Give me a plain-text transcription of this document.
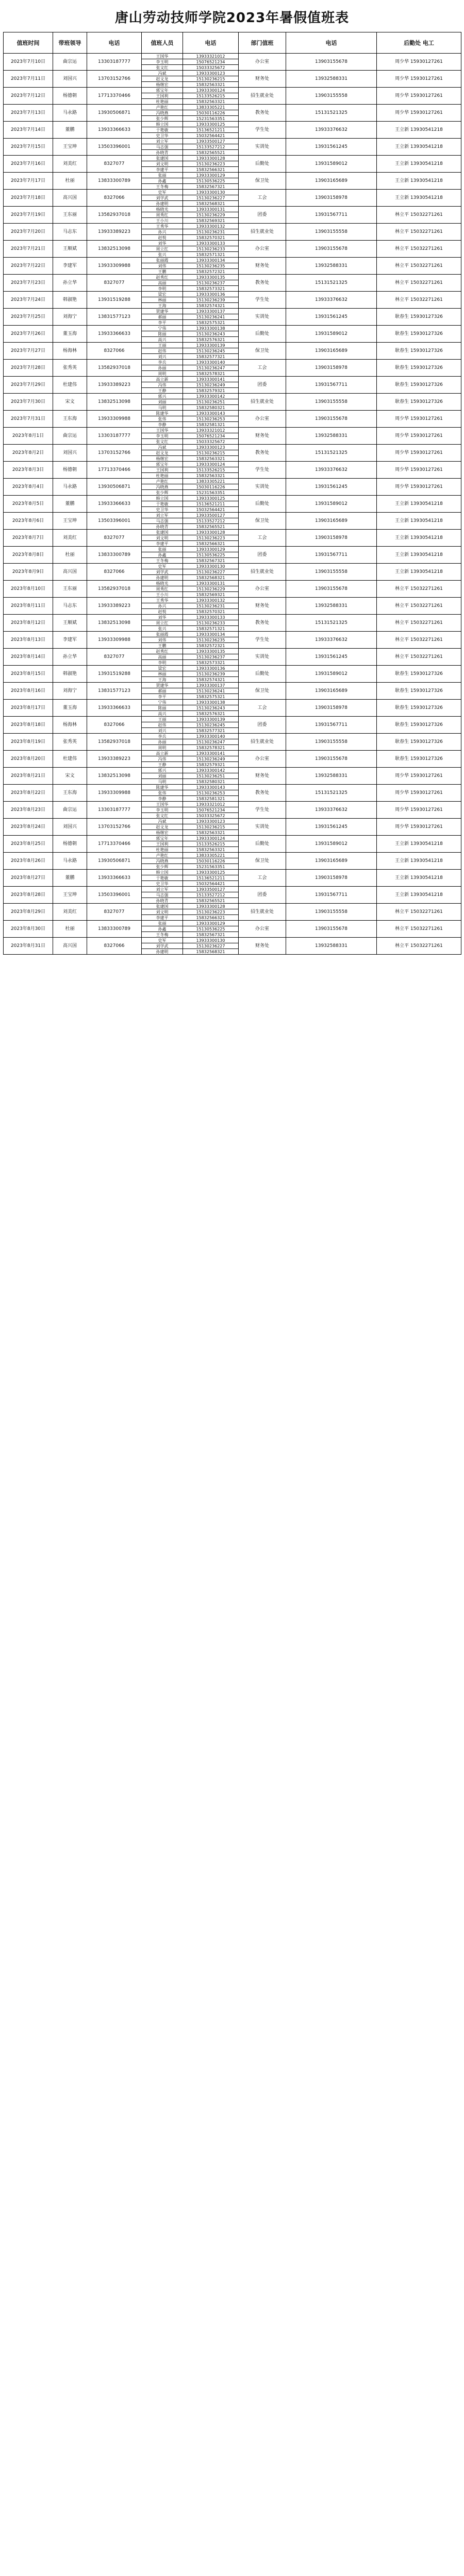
唐山劳动技师学院2023年暑假值班表
值班时间	带班领导	电话	值班人员	电话	部门值班	电话	后勤处 电工
2023年7月10日	曲宗运	13303187777	王国华	13933321012	办公室	13903155678	周少华 15930127261
			李玉明	15076521234			
			张文红	15033325672			
2023年7月11日	刘国兴	13703152766	冯斌	13933300123	财务处	13932588331	周少华 15930127261
			赵文龙	15130236215			
			杨继宏	15832563321			
2023年7月12日	杨德朝	17713370466	郭宝年	13933300124	招生就业处	13903155558	周少华 15930127261
			王国利	15133526215			
			杜艳丽	15832563321			
2023年7月13日	马永路	13930506871	卢艳红	13833305221	教务处	15131521325	周少华 15930127261
			冯晓燕	15030116226			
			张少辉	15231563351			
2023年7月14日	董鹏	13933366633	韩立国	13933300125	学生处	13933376632	王立新 13930541218
			于艳敏	15136521211			
			史卫华	15032564421			
2023年7月15日	王宝坤	13503396001	刘立军	13933500127	实训处	13931561245	王立新 13930541218
			马志强	15133527212			
			孙晓青	15832565521			
2023年7月16日	刘美红	8327077	张建国	13933300128	后勤处	13931589012	王立新 13930541218
			刘文明	15130236223			
			李建平	15832566321			
2023年7月17日	杜丽	13833300789	张丽	13933300129	保卫处	13903165689	王立新 13930541218
			孙鑫	15130536225			
			王冬梅	15832567321			
2023年7月18日	高兴国	8327066	史军	13933300130	工会	13903158978	王立新 13930541218
			刘学武	15130236227			
			孙建明	15832568321			
2023年7月19日	王东丽	13582937018	杨晓光	13933300131	团委	13931567711	林立平 15032271261
			周秀红	15130236229			
			王小川	15832569321			
2023年7月20日	马志东	13933389223	王秀华	13933300132	招生就业处	13903155558	林立平 15032271261
			孙兴	15130236231			
			赵悦	15832570321			
2023年7月21日	王顺斌	13832513098	刘华	13933300133	办公室	13903155678	林立平 15032271261
			周立红	15130236233			
			张兴	15832571321			
2023年7月22日	李建军	13933309988	张丽霞	13933300134	财务处	13932588331	林立平 15032271261
			刘伟	15130236235			
			王鹏	15832572321			
2023年7月23日	孙立华	8327077	赵秀红	13933300135	教务处	15131521325	林立平 15032271261
			高丽	15130236237			
			李明	15832573321			
2023年7月24日	韩淑艳	13931519288	梁宏	13933300136	学生处	13933376632	林立平 15032271261
			林丽	15130236239			
			王海	15832574321			
2023年7月25日	刘海宁	13831577123	贺建华	13933300137	实训处	13931561245	耿春生 15930127326
			郝丽	15130236241			
			李平	15832575321			
2023年7月26日	董玉海	13933366633	宁伟	13933300138	后勤处	13931589012	耿春生 15930127326
			陈丽	15130236243			
			高兴	15832576321			
2023年7月27日	杨海林	8327066	王丽	13933300139	保卫处	13903165689	耿春生 15930127326
			赵伟	15130236245			
			刘兴	15832577321			
2023年7月28日	张秀英	13582937018	李兵	13933300140	工会	13903158978	耿春生 15930127326
			孙丽	15130236247			
			周明	15832578321			
2023年7月29日	杜建伟	13933389223	高立新	13933300141	团委	13931567711	耿春生 15930127326
			冯伟	15130236249			
			王静	15832579321			
2023年7月30日	宋文	13832513098	郭兴	13933300142	招生就业处	13903155558	耿春生 15930127326
			刘丽	15130236251			
			马明	15832580321			
2023年7月31日	王东海	13933309988	陈建华	13933300143	办公室	13903155678	周少华 15930127261
			张伟	15130236253			
			李静	15832581321			
2023年8月1日	曲宗运	13303187777	王国华	13933321012	财务处	13932588331	周少华 15930127261
			李玉明	15076521234			
			张文红	15033325672			
2023年8月2日	刘国兴	13703152766	冯斌	13933300123	教务处	15131521325	周少华 15930127261
			赵文龙	15130236215			
			杨继宏	15832563321			
2023年8月3日	杨德朝	17713370466	郭宝年	13933300124	学生处	13933376632	周少华 15930127261
			王国利	15133526215			
			杜艳丽	15832563321			
2023年8月4日	马永路	13930506871	卢艳红	13833305221	实训处	13931561245	周少华 15930127261
			冯晓燕	15030116226			
			张少辉	15231563351			
2023年8月5日	董鹏	13933366633	韩立国	13933300125	后勤处	13931589012	王立新 13930541218
			于艳敏	15136521211			
			史卫华	15032564421			
2023年8月6日	王宝坤	13503396001	刘立军	13933500127	保卫处	13903165689	王立新 13930541218
			马志强	15133527212			
			孙晓青	15832565521			
2023年8月7日	刘美红	8327077	张建国	13933300128	工会	13903158978	王立新 13930541218
			刘文明	15130236223			
			李建平	15832566321			
2023年8月8日	杜丽	13833300789	张丽	13933300129	团委	13931567711	王立新 13930541218
			孙鑫	15130536225			
			王冬梅	15832567321			
2023年8月9日	高兴国	8327066	史军	13933300130	招生就业处	13903155558	王立新 13930541218
			刘学武	15130236227			
			孙建明	15832568321			
2023年8月10日	王东丽	13582937018	杨晓光	13933300131	办公室	13903155678	林立平 15032271261
			周秀红	15130236229			
			王小川	15832569321			
2023年8月11日	马志东	13933389223	王秀华	13933300132	财务处	13932588331	林立平 15032271261
			孙兴	15130236231			
			赵悦	15832570321			
2023年8月12日	王顺斌	13832513098	刘华	13933300133	教务处	15131521325	林立平 15032271261
			周立红	15130236233			
			张兴	15832571321			
2023年8月13日	李建军	13933309988	张丽霞	13933300134	学生处	13933376632	林立平 15032271261
			刘伟	15130236235			
			王鹏	15832572321			
2023年8月14日	孙立华	8327077	赵秀红	13933300135	实训处	13931561245	林立平 15032271261
			高丽	15130236237			
			李明	15832573321			
2023年8月15日	韩淑艳	13931519288	梁宏	13933300136	后勤处	13931589012	耿春生 15930127326
			林丽	15130236239			
			王海	15832574321			
2023年8月16日	刘海宁	13831577123	贺建华	13933300137	保卫处	13903165689	耿春生 15930127326
			郝丽	15130236241			
			李平	15832575321			
2023年8月17日	董玉海	13933366633	宁伟	13933300138	工会	13903158978	耿春生 15930127326
			陈丽	15130236243			
			高兴	15832576321			
2023年8月18日	杨海林	8327066	王丽	13933300139	团委	13931567711	耿春生 15930127326
			赵伟	15130236245			
			刘兴	15832577321			
2023年8月19日	张秀英	13582937018	李兵	13933300140	招生就业处	13903155558	耿春生 15930127326
			孙丽	15130236247			
			周明	15832578321			
2023年8月20日	杜建伟	13933389223	高立新	13933300141	办公室	13903155678	耿春生 15930127326
			冯伟	15130236249			
			王静	15832579321			
2023年8月21日	宋文	13832513098	郭兴	13933300142	财务处	13932588331	周少华 15930127261
			刘丽	15130236251			
			马明	15832580321			
2023年8月22日	王东海	13933309988	陈建华	13933300143	教务处	15131521325	周少华 15930127261
			张伟	15130236253			
			李静	15832581321			
2023年8月23日	曲宗运	13303187777	王国华	13933321012	学生处	13933376632	周少华 15930127261
			李玉明	15076521234			
			张文红	15033325672			
2023年8月24日	刘国兴	13703152766	冯斌	13933300123	实训处	13931561245	周少华 15930127261
			赵文龙	15130236215			
			杨继宏	15832563321			
2023年8月25日	杨德朝	17713370466	郭宝年	13933300124	后勤处	13931589012	王立新 13930541218
			王国利	15133526215			
			杜艳丽	15832563321			
2023年8月26日	马永路	13930506871	卢艳红	13833305221	保卫处	13903165689	王立新 13930541218
			冯晓燕	15030116226			
			张少辉	15231563351			
2023年8月27日	董鹏	13933366633	韩立国	13933300125	工会	13903158978	王立新 13930541218
			于艳敏	15136521211			
			史卫华	15032564421			
2023年8月28日	王宝坤	13503396001	刘立军	13933500127	团委	13931567711	王立新 13930541218
			马志强	15133527212			
			孙晓青	15832565521			
2023年8月29日	刘美红	8327077	张建国	13933300128	招生就业处	13903155558	林立平 15032271261
			刘文明	15130236223			
			李建平	15832566321			
2023年8月30日	杜丽	13833300789	张丽	13933300129	办公室	13903155678	林立平 15032271261
			孙鑫	15130536225			
			王冬梅	15832567321			
2023年8月31日	高兴国	8327066	史军	13933300130	财务处	13932588331	林立平 15032271261
			刘学武	15130236227			
			孙建明	15832568321			
